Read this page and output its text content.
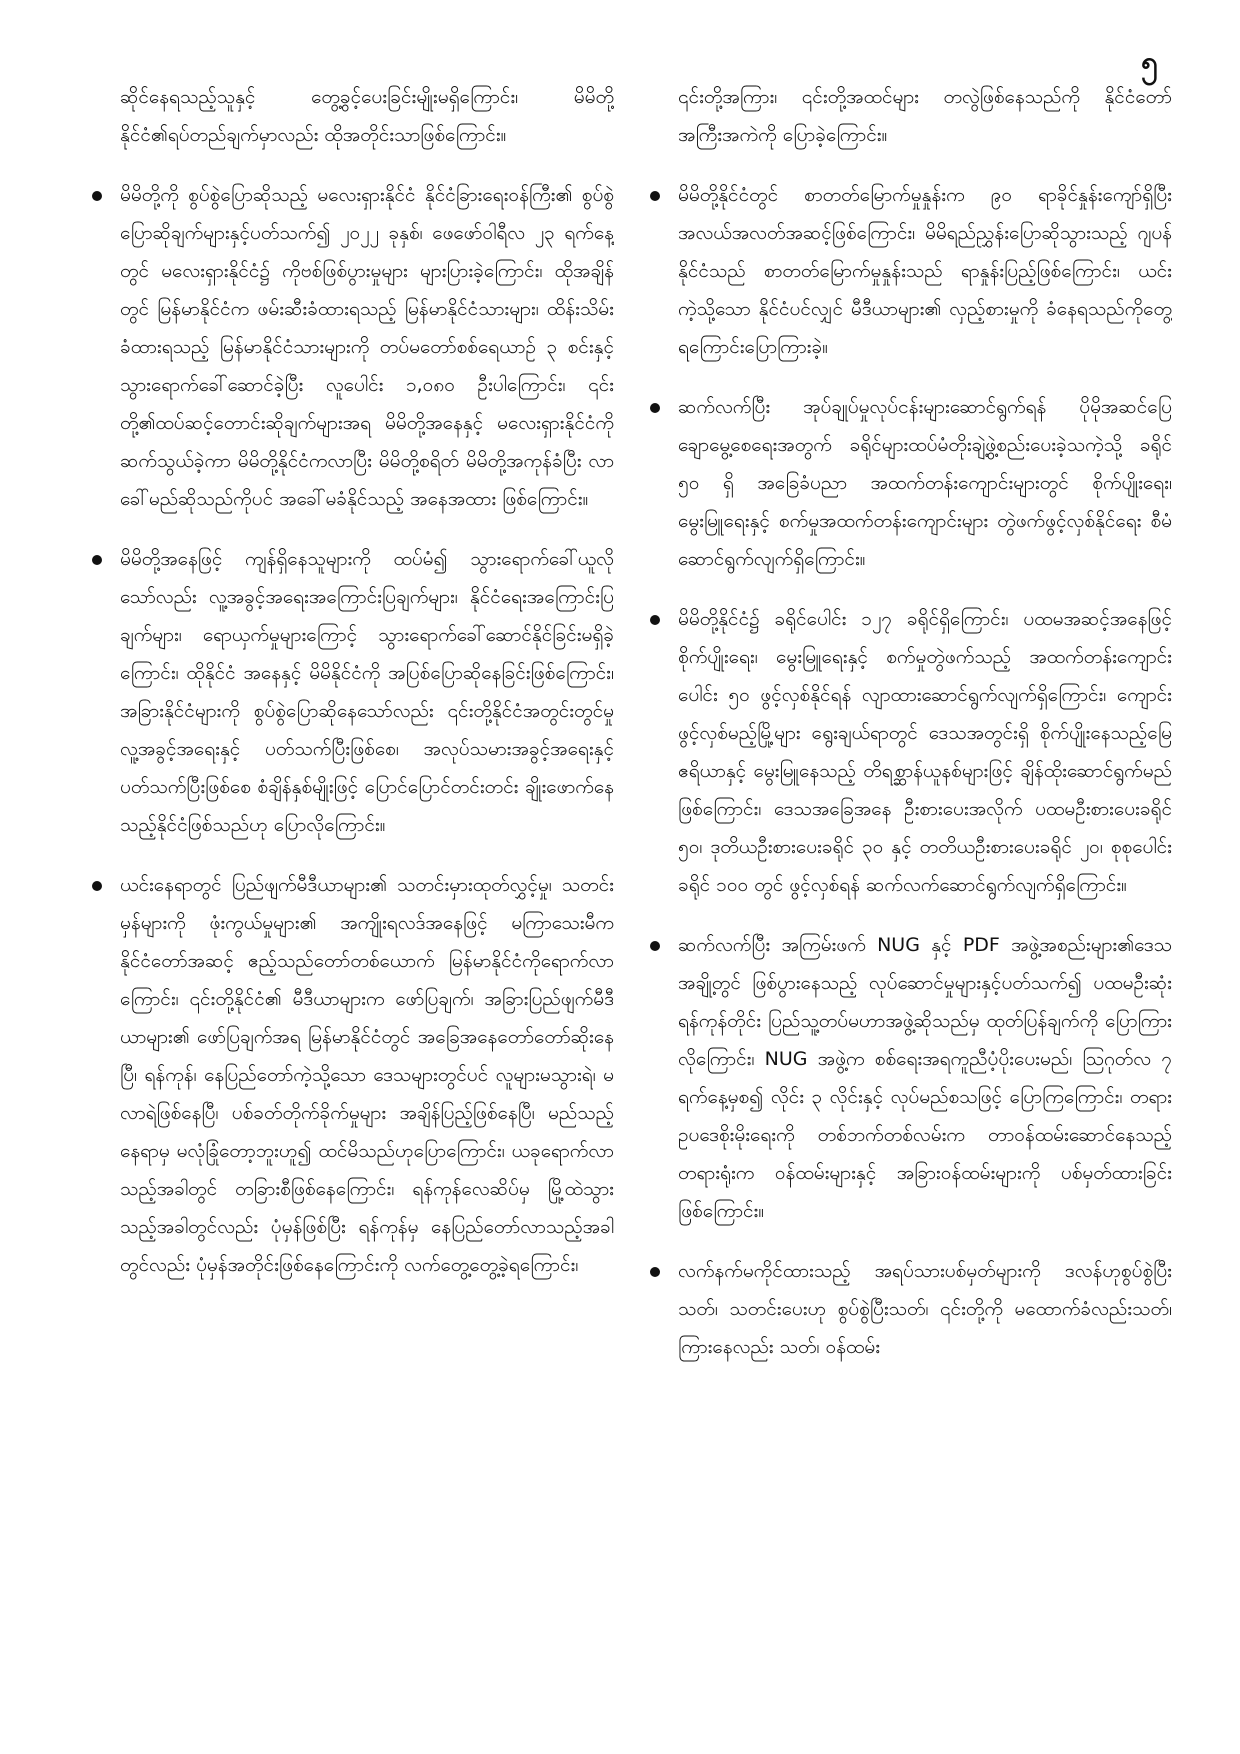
၅
ဆိုင်နေရသည့်သူနှင့် တွေ့ခွင့်ပေးခြင်းမျိုးမရှိကြောင်း၊ မိမိတို့နိုင်ငံ၏ရပ်တည်ချက်မှာလည်း ထိုအတိုင်းသာဖြစ်ကြောင်း။
မိမိတို့ကို စွပ်စွဲပြောဆိုသည့် မလေးရှားနိုင်ငံ နိုင်ငံခြားရေးဝန်ကြီး၏ စွပ်စွဲပြောဆိုချက်များနှင့်ပတ်သက်၍ ၂၀၂၂ ခုနှစ်၊ ဖေဖော်ဝါရီလ ၂၃ ရက်နေ့တွင် မလေးရှားနိုင်ငံ၌ ကိုဗစ်ဖြစ်ပွားမှုများ များပြားခဲ့ကြောင်း၊ ထိုအချိန်တွင် မြန်မာနိုင်ငံက ဖမ်းဆီးခံထားရသည့် မြန်မာနိုင်ငံသားများ၊ ထိန်းသိမ်းခံထားရသည့် မြန်မာနိုင်ငံသားများကို တပ်မတော်စစ်ရေယာဉ် ၃ စင်းနှင့် သွားရောက်ခေါ်ဆောင်ခဲ့ပြီး လူပေါင်း ၁,၀၈၀ ဦးပါကြောင်း၊ ၎င်းတို့၏ထပ်ဆင့်တောင်းဆိုချက်များအရ မိမိတို့အနေနှင့် မလေးရှားနိုင်ငံကို ဆက်သွယ်ခဲ့ကာ မိမိတို့နိုင်ငံကလာပြီး မိမိတို့စရိတ် မိမိတို့အကုန်ခံပြီး လာခေါ်မည်ဆိုသည်ကိုပင် အခေါ်မခံနိုင်သည့် အနေအထား ဖြစ်ကြောင်း။
မိမိတို့အနေဖြင့် ကျန်ရှိနေသူများကို ထပ်မံ၍ သွားရောက်ခေါ်ယူလိုသော်လည်း လူ့အခွင့်အရေးအကြောင်းပြချက်များ၊ နိုင်ငံရေးအကြောင်းပြချက်များ၊ ရောယှက်မှုများကြောင့် သွားရောက်ခေါ်ဆောင်နိုင်ခြင်းမရှိခဲ့ကြောင်း၊ ထိုနိုင်ငံ အနေနှင့် မိမိနိုင်ငံကို အပြစ်ပြောဆိုနေခြင်းဖြစ်ကြောင်း၊ အခြားနိုင်ငံများကို စွပ်စွဲပြောဆိုနေသော်လည်း ၎င်းတို့နိုင်ငံအတွင်းတွင်မှု လူ့အခွင့်အရေးနှင့် ပတ်သက်ပြီးဖြစ်စေ၊ အလုပ်သမားအခွင့်အရေးနှင့်ပတ်သက်ပြီးဖြစ်စေ စံချိန်နှစ်မျိုးဖြင့် ပြောင်ပြောင်တင်းတင်း ချိုးဖောက်နေသည့်နိုင်ငံဖြစ်သည်ဟု ပြောလိုကြောင်း။
ယင်းနေရာတွင် ပြည်ဖျက်မီဒီယာများ၏ သတင်းမှားထုတ်လွှင့်မှု၊ သတင်းမှန်များကို ဖုံးကွယ်မှုများ၏ အကျိုးရလဒ်အနေဖြင့် မကြာသေးမီက နိုင်ငံတော်အဆင့် ဧည့်သည်တော်တစ်ယောက် မြန်မာနိုင်ငံကိုရောက်လာကြောင်း၊ ၎င်းတို့နိုင်ငံ၏ မီဒီယာများက ဖော်ပြချက်၊ အခြားပြည်ဖျက်မီဒီယာများ၏ ဖော်ပြချက်အရ မြန်မာနိုင်ငံတွင် အခြေအနေတော်တော်ဆိုးနေပြီ၊ ရန်ကုန်၊ နေပြည်တော်ကဲ့သို့သော ဒေသများတွင်ပင် လူများမသွားရဲ၊ မလာရဲဖြစ်နေပြီ၊ ပစ်ခတ်တိုက်ခိုက်မှုများ အချိန်ပြည့်ဖြစ်နေပြီ၊ မည်သည့်နေရာမှ မလုံခြုံတော့ဘူးဟူ၍ ထင်မိသည်ဟုပြောကြောင်း၊ ယခုရောက်လာသည့်အခါတွင် တခြားစီဖြစ်နေကြောင်း၊ ရန်ကုန်လေဆိပ်မှ မြို့ထဲသွားသည့်အခါတွင်လည်း ပုံမှန်ဖြစ်ပြီး ရန်ကုန်မှ နေပြည်တော်လာသည့်အခါတွင်လည်း ပုံမှန်အတိုင်းဖြစ်နေကြောင်းကို လက်တွေ့တွေ့ခဲ့ရကြောင်း၊
၎င်းတို့အကြား၊ ၎င်းတို့အထင်များ တလွဲဖြစ်နေသည်ကို နိုင်ငံတော် အကြီးအကဲကို ပြောခဲ့ကြောင်း။
မိမိတို့နိုင်ငံတွင် စာတတ်မြောက်မှုနှုန်းက ၉၀ ရာခိုင်နှုန်းကျော်ရှိပြီး အလယ်အလတ်အဆင့်ဖြစ်ကြောင်း၊ မိမိရည်ညွှန်းပြောဆိုသွားသည့် ဂျပန်နိုင်ငံသည် စာတတ်မြောက်မှုနှုန်းသည် ရာနှုန်းပြည့်ဖြစ်ကြောင်း၊ ယင်းကဲ့သို့သော နိုင်ငံပင်လျှင် မီဒီယာများ၏ လှည့်စားမှုကို ခံနေရသည်ကိုတွေ့ရကြောင်းပြောကြားခဲ့။
ဆက်လက်ပြီး အုပ်ချုပ်မှုလုပ်ငန်းများဆောင်ရွက်ရန် ပိုမိုအဆင်ပြေ ချောမွေ့စေရေးအတွက် ခရိုင်များထပ်မံတိုးချဲ့ဖွဲ့စည်းပေးခဲ့သကဲ့သို့ ခရိုင် ၅၀ ရှိ အခြေခံပညာ အထက်တန်းကျောင်းများတွင် စိုက်ပျိုးရေး၊ မွေးမြူရေးနှင့် စက်မှုအထက်တန်းကျောင်းများ တွဲဖက်ဖွင့်လှစ်နိုင်ရေး စီမံဆောင်ရွက်လျက်ရှိကြောင်း။
မိမိတို့နိုင်ငံ၌ ခရိုင်ပေါင်း ၁၂၇ ခရိုင်ရှိကြောင်း၊ ပထမအဆင့်အနေဖြင့် စိုက်ပျိုးရေး၊ မွေးမြူရေးနှင့် စက်မှုတွဲဖက်သည့် အထက်တန်းကျောင်းပေါင်း ၅၀ ဖွင့်လှစ်နိုင်ရန် လျာထားဆောင်ရွက်လျက်ရှိကြောင်း၊ ကျောင်းဖွင့်လှစ်မည့်မြို့များ ရွေးချယ်ရာတွင် ဒေသအတွင်းရှိ စိုက်ပျိုးနေသည့်မြေဧရိယာနှင့် မွေးမြူနေသည့် တိရစ္ဆာန်ယူနစ်များဖြင့် ချိန်ထိုးဆောင်ရွက်မည်ဖြစ်ကြောင်း၊ ဒေသအခြေအနေ ဦးစားပေးအလိုက် ပထမဦးစားပေးခရိုင် ၅၀၊ ဒုတိယဦးစားပေးခရိုင် ၃၀ နှင့် တတိယဦးစားပေးခရိုင် ၂၀၊ စုစုပေါင်းခရိုင် ၁၀၀ တွင် ဖွင့်လှစ်ရန် ဆက်လက်ဆောင်ရွက်လျက်ရှိကြောင်း။
ဆက်လက်ပြီး အကြမ်းဖက် NUG နှင့် PDF အဖွဲ့အစည်းများ၏ဒေသအချို့တွင် ဖြစ်ပွားနေသည့် လုပ်ဆောင်မှုများနှင့်ပတ်သက်၍ ပထမဦးဆုံး ရန်ကုန်တိုင်း ပြည်သူ့တပ်မဟာအဖွဲ့ဆိုသည်မှ ထုတ်ပြန်ချက်ကို ပြောကြားလိုကြောင်း၊ NUG အဖွဲ့က စစ်ရေးအရကူညီပံ့ပိုးပေးမည်၊ ဩဂုတ်လ ၇ ရက်နေ့မှစ၍ လိုင်း ၃ လိုင်းနှင့် လုပ်မည်စသဖြင့် ပြောကြကြောင်း၊ တရားဥပဒေစိုးမိုးရေးကို တစ်ဘက်တစ်လမ်းက တာဝန်ထမ်းဆောင်နေသည့် တရားရုံးက ဝန်ထမ်းများနှင့် အခြားဝန်ထမ်းများကို ပစ်မှတ်ထားခြင်းဖြစ်ကြောင်း။
လက်နက်မကိုင်ထားသည့် အရပ်သားပစ်မှတ်များကို ဒလန်ဟုစွပ်စွဲပြီး သတ်၊ သတင်းပေးဟု စွပ်စွဲပြီးသတ်၊ ၎င်းတို့ကို မထောက်ခံလည်းသတ်၊ ကြားနေလည်း သတ်၊ ဝန်ထမ်း
